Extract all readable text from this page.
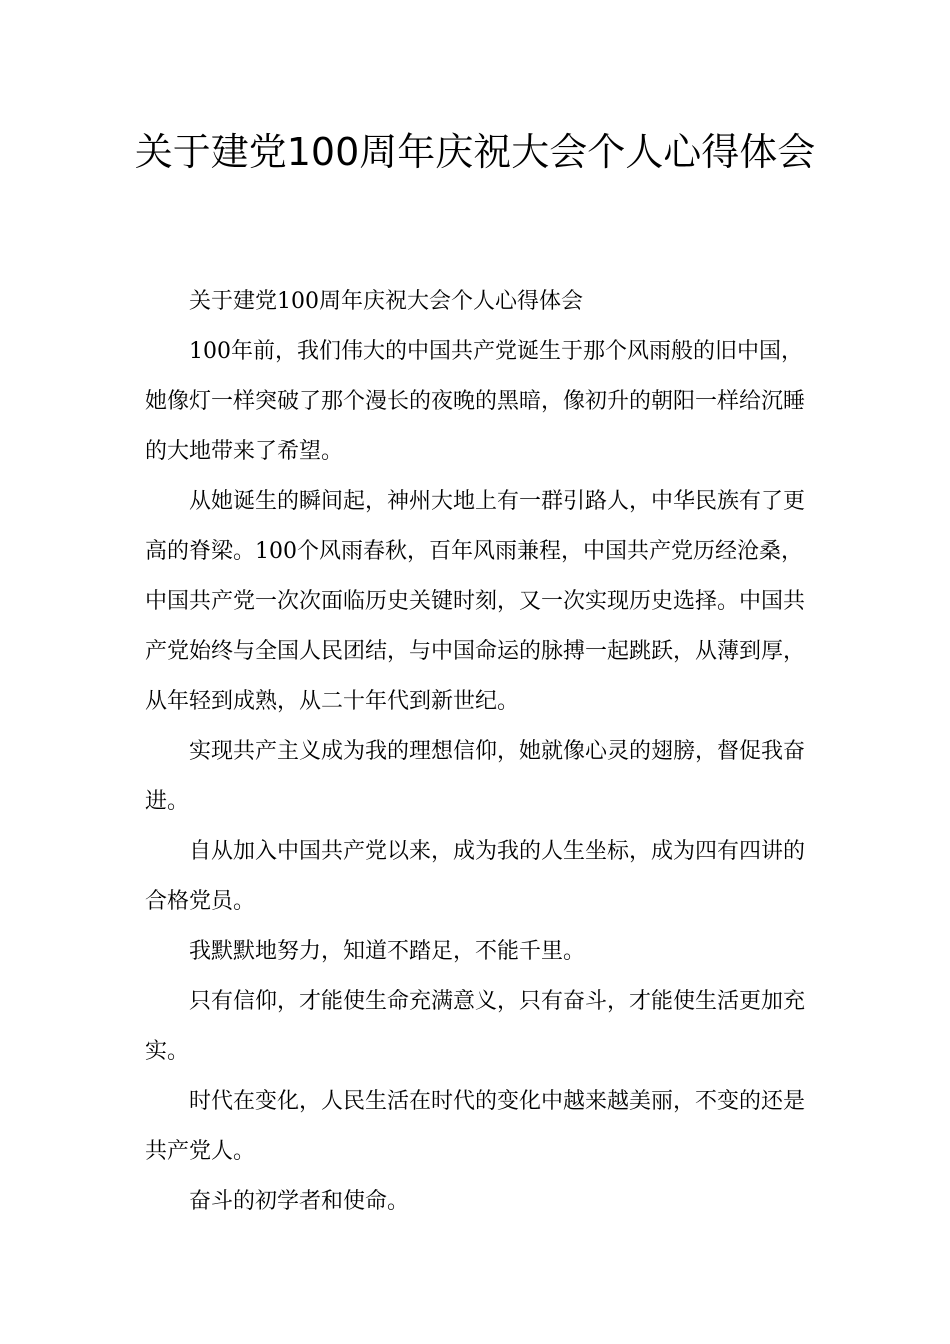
关于建党100周年庆祝大会个人心得体会

关于建党100周年庆祝大会个人心得体会

100年前，我们伟大的中国共产党诞生于那个风雨般的旧中国，她像灯一样突破了那个漫长的夜晚的黑暗，像初升的朝阳一样给沉睡的大地带来了希望。

从她诞生的瞬间起，神州大地上有一群引路人，中华民族有了更高的脊梁。100个风雨春秋，百年风雨兼程，中国共产党历经沧桑，中国共产党一次次面临历史关键时刻，又一次实现历史选择。中国共产党始终与全国人民团结，与中国命运的脉搏一起跳跃，从薄到厚，从年轻到成熟，从二十年代到新世纪。

实现共产主义成为我的理想信仰，她就像心灵的翅膀，督促我奋进。

自从加入中国共产党以来，成为我的人生坐标，成为四有四讲的合格党员。

我默默地努力，知道不踏足，不能千里。

只有信仰，才能使生命充满意义，只有奋斗，才能使生活更加充实。

时代在变化，人民生活在时代的变化中越来越美丽，不变的还是共产党人。

奋斗的初学者和使命。
